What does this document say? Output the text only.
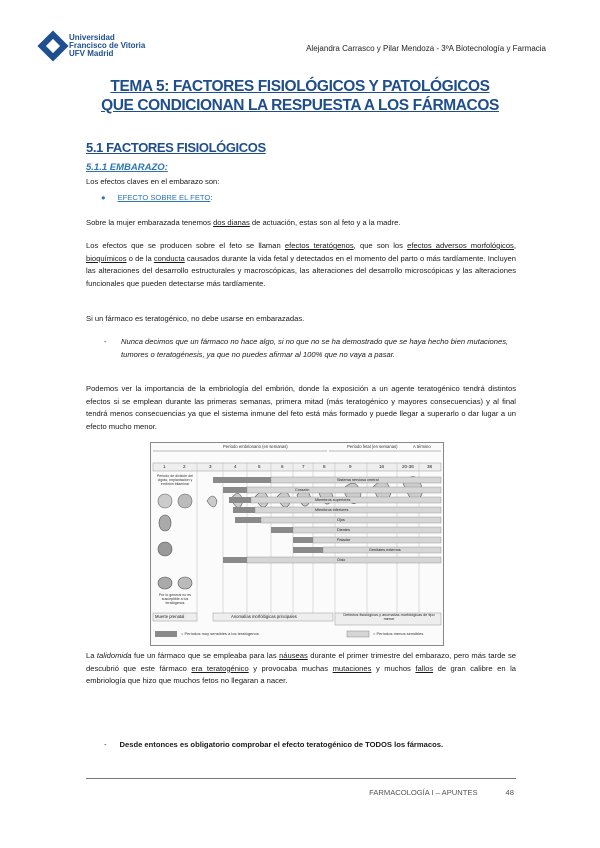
Universidad
Francisco de Vitoria
UFV Madrid
Alejandra Carrasco y Pilar Mendoza - 3ºA Biotecnología y Farmacia
TEMA 5: FACTORES FISIOLÓGICOS Y PATOLÓGICOS
QUE CONDICIONAN LA RESPUESTA A LOS FÁRMACOS
5.1 FACTORES FISIOLÓGICOS
5.1.1 EMBARAZO:
Los efectos claves en el embarazo son:
● EFECTO SOBRE EL FETO:
Sobre la mujer embarazada tenemos dos dianas de actuación, estas son al feto y a la madre.
Los efectos que se producen sobre el feto se llaman efectos teratógenos, que son los efectos adversos morfológicos, bioquímicos o de la conducta causados durante la vida fetal y detectados en el momento del parto o más tardíamente. Incluyen las alteraciones del desarrollo estructurales y macroscópicas, las alteraciones del desarrollo microscópicas y las alteraciones funcionales que pueden detectarse más tardíamente.
Si un fármaco es teratogénico, no debe usarse en embarazadas.
- Nunca decimos que un fármaco no hace algo, si no que no se ha demostrado que se haya hecho bien mutaciones, tumores o teratogénesis, ya que no puedes afirmar al 100% que no vaya a pasar.
Podemos ver la importancia de la embriología del embrión, donde la exposición a un agente teratogénico tendrá distintos efectos si se emplean durante las primeras semanas, primera mitad (más teratogénico y mayores consecuencias) y al final tendrá menos consecuencias ya que el sistema inmune del feto está más formado y puede llegar a superarlo o dar lugar a un efecto mucho menor.
Período embrionario (en semanas)	Período fetal (en semanas)	A término
1	2	3	4	5	6	7	8	9	16	20-36	38
Periodo de división del cigoto, implantación y embrión bilaminar
Por lo general no es susceptible a los teratógenos
Sistema nervioso central
Corazón
Miembros superiores
Miembros inferiores
Ojos
Dientes
Paladar
Genitales externos
Oído
Muerte prenatal	Anomalías morfológicas principales	Defectos fisiológicos y anomalías morfológicas de tipo menor
= Períodos muy sensibles a los teratógenos	= Períodos menos sensibles
La talidomida fue un fármaco que se empleaba para las náuseas durante el primer trimestre del embarazo, pero más tarde se descubrió que este fármaco era teratogénico y provocaba muchas mutaciones y muchos fallos de gran calibre en la embriología que hizo que muchos fetos no llegaran a nacer.
- Desde entonces es obligatorio comprobar el efecto teratogénico de TODOS los fármacos.
FARMACOLOGÍA I – APUNTES	48
